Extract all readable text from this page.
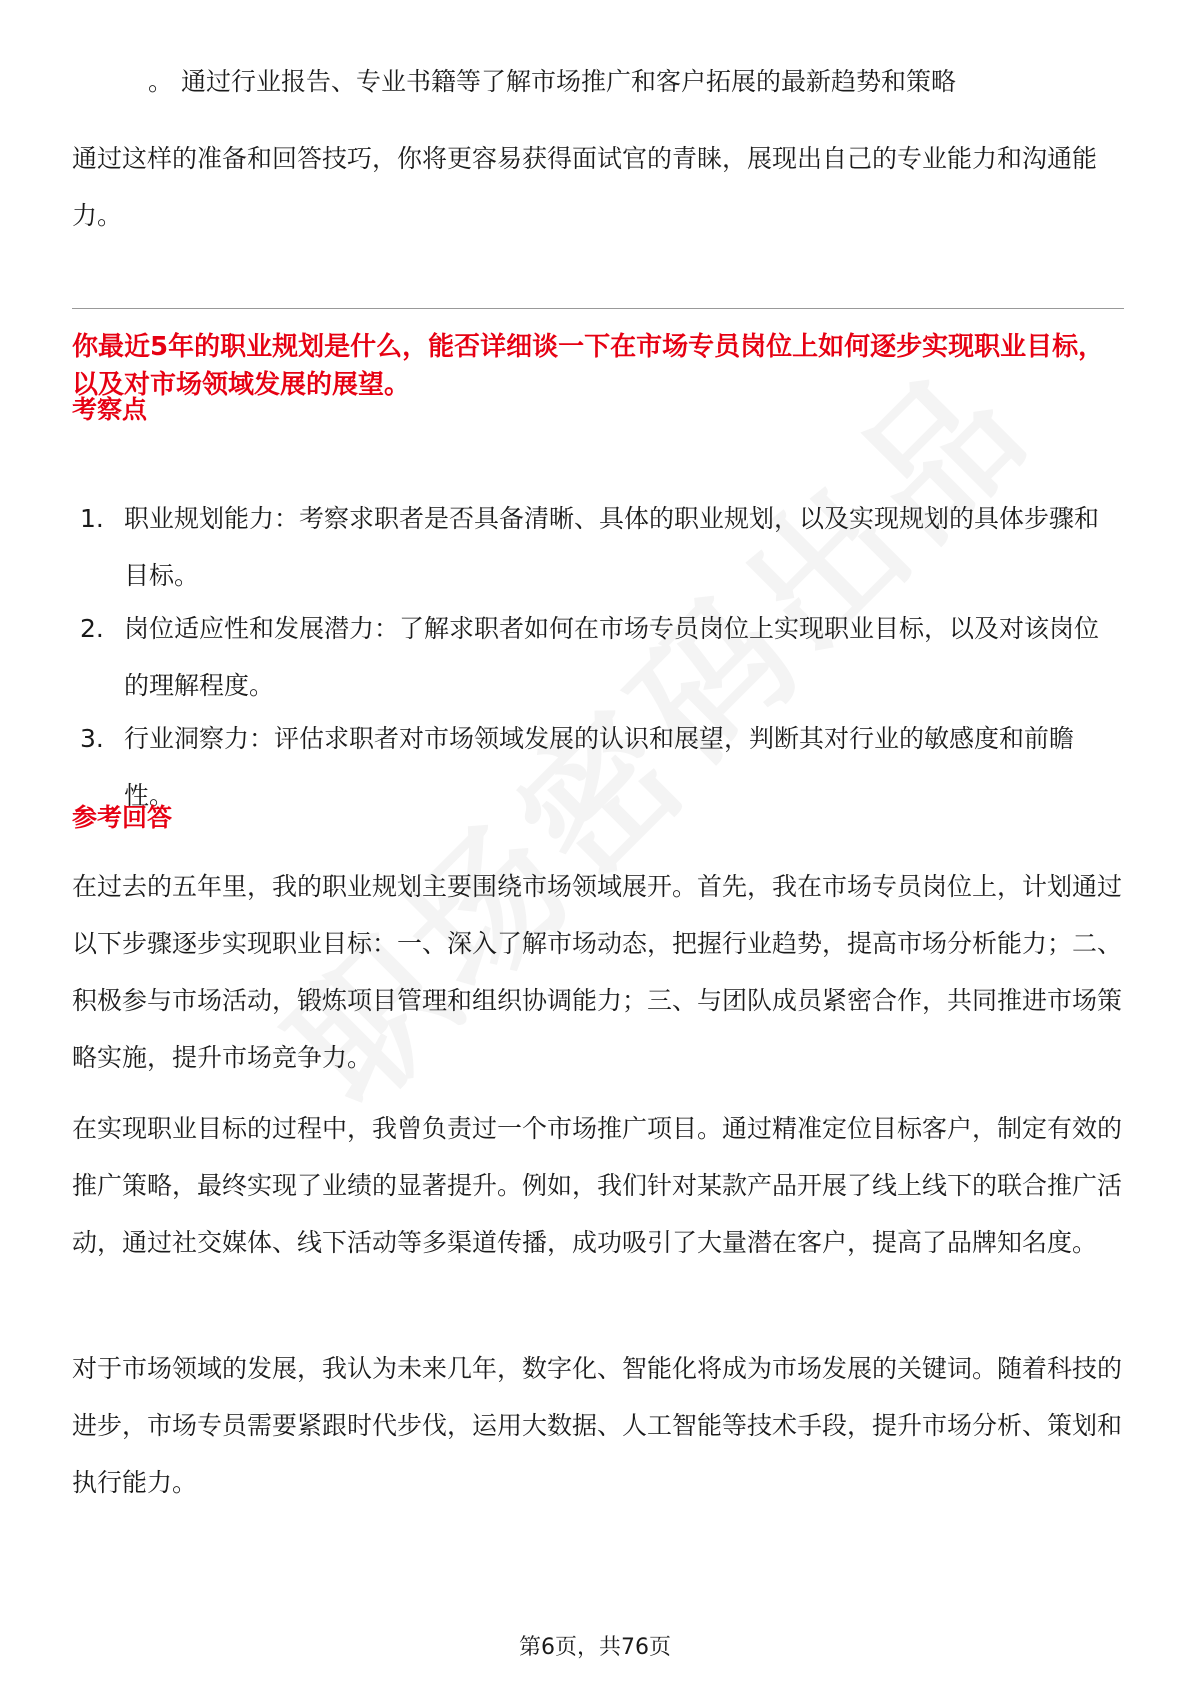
。 通过行业报告、专业书籍等了解市场推广和客户拓展的最新趋势和策略
通过这样的准备和回答技巧，你将更容易获得面试官的青睐，展现出自己的专业能力和沟通能力。
你最近5年的职业规划是什么，能否详细谈一下在市场专员岗位上如何逐步实现职业目标，以及对市场领域发展的展望。
考察点
1. 职业规划能力：考察求职者是否具备清晰、具体的职业规划，以及实现规划的具体步骤和目标。
2. 岗位适应性和发展潜力：了解求职者如何在市场专员岗位上实现职业目标，以及对该岗位的理解程度。
3. 行业洞察力：评估求职者对市场领域发展的认识和展望，判断其对行业的敏感度和前瞻性。
参考回答
在过去的五年里，我的职业规划主要围绕市场领域展开。首先，我在市场专员岗位上，计划通过以下步骤逐步实现职业目标：一、深入了解市场动态，把握行业趋势，提高市场分析能力；二、积极参与市场活动，锻炼项目管理和组织协调能力；三、与团队成员紧密合作，共同推进市场策略实施，提升市场竞争力。
在实现职业目标的过程中，我曾负责过一个市场推广项目。通过精准定位目标客户，制定有效的推广策略，最终实现了业绩的显著提升。例如，我们针对某款产品开展了线上线下的联合推广活动，通过社交媒体、线下活动等多渠道传播，成功吸引了大量潜在客户，提高了品牌知名度。
对于市场领域的发展，我认为未来几年，数字化、智能化将成为市场发展的关键词。随着科技的进步，市场专员需要紧跟时代步伐，运用大数据、人工智能等技术手段，提升市场分析、策划和执行能力。
第6页，共76页
